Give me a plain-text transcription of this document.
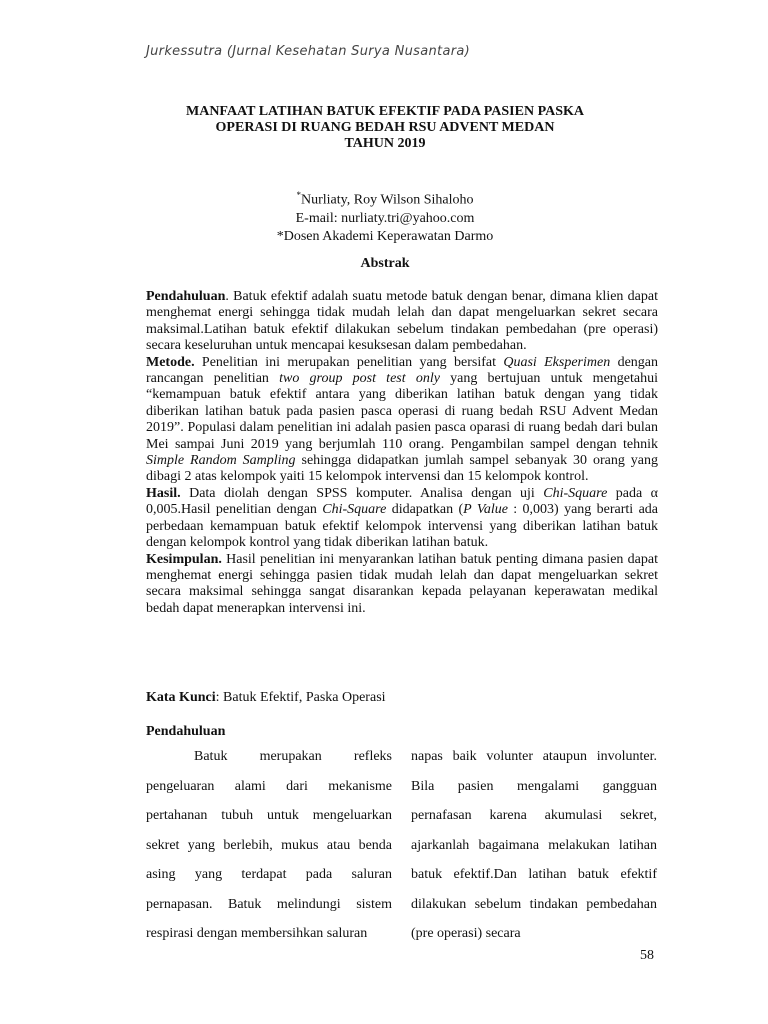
Jurkessutra (Jurnal Kesehatan Surya Nusantara)
MANFAAT LATIHAN BATUK EFEKTIF PADA PASIEN PASKA
OPERASI DI RUANG BEDAH RSU ADVENT MEDAN
TAHUN 2019
*Nurliaty, Roy Wilson Sihaloho
E-mail: nurliaty.tri@yahoo.com
*Dosen Akademi Keperawatan Darmo
Abstrak

Pendahuluan. Batuk efektif adalah suatu metode batuk dengan benar, dimana klien dapat menghemat energi sehingga tidak mudah lelah dan dapat mengeluarkan sekret secara maksimal.Latihan batuk efektif dilakukan sebelum tindakan pembedahan (pre operasi) secara keseluruhan untuk mencapai kesuksesan dalam pembedahan.

Metode. Penelitian ini merupakan penelitian yang bersifat Quasi Eksperimen dengan rancangan penelitian two group post test only yang bertujuan untuk mengetahui “kemampuan batuk efektif antara yang diberikan latihan batuk dengan yang tidak diberikan latihan batuk pada pasien pasca operasi di ruang bedah RSU Advent Medan 2019”. Populasi dalam penelitian ini adalah pasien pasca oparasi di ruang bedah dari bulan Mei sampai Juni 2019 yang berjumlah 110 orang. Pengambilan sampel dengan tehnik Simple Random Sampling sehingga didapatkan jumlah sampel sebanyak 30 orang yang dibagi 2 atas kelompok yaiti 15 kelompok intervensi dan 15 kelompok kontrol.

Hasil. Data diolah dengan SPSS komputer. Analisa dengan uji Chi-Square pada α 0,005.Hasil penelitian dengan Chi-Square didapatkan (P Value : 0,003) yang berarti ada perbedaan kemampuan batuk efektif kelompok intervensi yang diberikan latihan batuk dengan kelompok kontrol yang tidak diberikan latihan batuk.

Kesimpulan. Hasil penelitian ini menyarankan latihan batuk penting dimana pasien dapat menghemat energi sehingga pasien tidak mudah lelah dan dapat mengeluarkan sekret secara maksimal sehingga sangat disarankan kepada pelayanan keperawatan medikal bedah dapat menerapkan intervensi ini.

Kata Kunci: Batuk Efektif, Paska Operasi
Pendahuluan

Batuk merupakan refleks pengeluaran alami dari mekanisme pertahanan tubuh untuk mengeluarkan sekret yang berlebih, mukus atau benda asing yang terdapat pada saluran pernapasan. Batuk melindungi sistem respirasi dengan membersihkan saluran

napas baik volunter ataupun involunter. Bila pasien mengalami gangguan pernafasan karena akumulasi sekret, ajarkanlah bagaimana melakukan latihan batuk efektif.Dan latihan batuk efektif dilakukan sebelum tindakan pembedahan (pre operasi) secara

58
